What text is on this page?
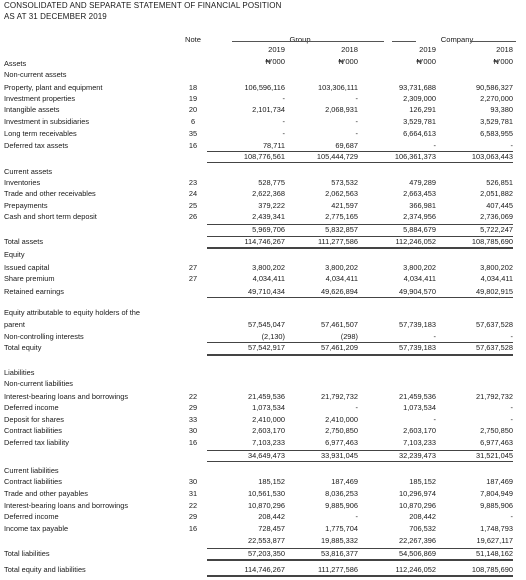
CONSOLIDATED AND SEPARATE STATEMENT OF FINANCIAL POSITION
AS AT 31 DECEMBER 2019
Note	Group	Company
2019	2018	2019	2018
₦'000	₦'000	₦'000	₦'000
Assets
Non-current assets
Property, plant and equipment	18	106,596,116	103,306,111	93,731,688	90,586,327
Investment properties	19	-	-	2,309,000	2,270,000
Intangible assets	20	2,101,734	2,068,931	126,291	93,380
Investment in subsidiaries	6	-	-	3,529,781	3,529,781
Long term receivables	35	-	-	6,664,613	6,583,955
Deferred tax assets	16	78,711	69,687	-	-
108,776,561	105,444,729	106,361,373	103,063,443
Current assets
Inventories	23	528,775	573,532	479,289	526,851
Trade and other receivables	24	2,622,368	2,062,563	2,663,453	2,051,882
Prepayments	25	379,222	421,597	366,981	407,445
Cash and short term deposit	26	2,439,341	2,775,165	2,374,956	2,736,069
5,969,706	5,832,857	5,884,679	5,722,247
Total assets	114,746,267	111,277,586	112,246,052	108,785,690
Equity
Issued capital	27	3,800,202	3,800,202	3,800,202	3,800,202
Share premium	27	4,034,411	4,034,411	4,034,411	4,034,411
Retained earnings	49,710,434	49,626,894	49,904,570	49,802,915
Equity attributable to equity holders of the
parent	57,545,047	57,461,507	57,739,183	57,637,528
Non-controlling interests	(2,130)	(298)	-	-
Total equity	57,542,917	57,461,209	57,739,183	57,637,528
Liabilities
Non-current liabilities
Interest-bearing loans and borrowings	22	21,459,536	21,792,732	21,459,536	21,792,732
Deferred income	29	1,073,534	-	1,073,534	-
Deposit for shares	33	2,410,000	2,410,000	-	-
Contract liabilities	30	2,603,170	2,750,850	2,603,170	2,750,850
Deferred tax liability	16	7,103,233	6,977,463	7,103,233	6,977,463
34,649,473	33,931,045	32,239,473	31,521,045
Current liabilities
Contract liabilities	30	185,152	187,469	185,152	187,469
Trade and other payables	31	10,561,530	8,036,253	10,296,974	7,804,949
Interest-bearing loans and borrowings	22	10,870,296	9,885,906	10,870,296	9,885,906
Deferred income	29	208,442	-	208,442	-
Income tax payable	16	728,457	1,775,704	706,532	1,748,793
22,553,877	19,885,332	22,267,396	19,627,117
Total liabilities	57,203,350	53,816,377	54,506,869	51,148,162
Total equity and liabilities	114,746,267	111,277,586	112,246,052	108,785,690
